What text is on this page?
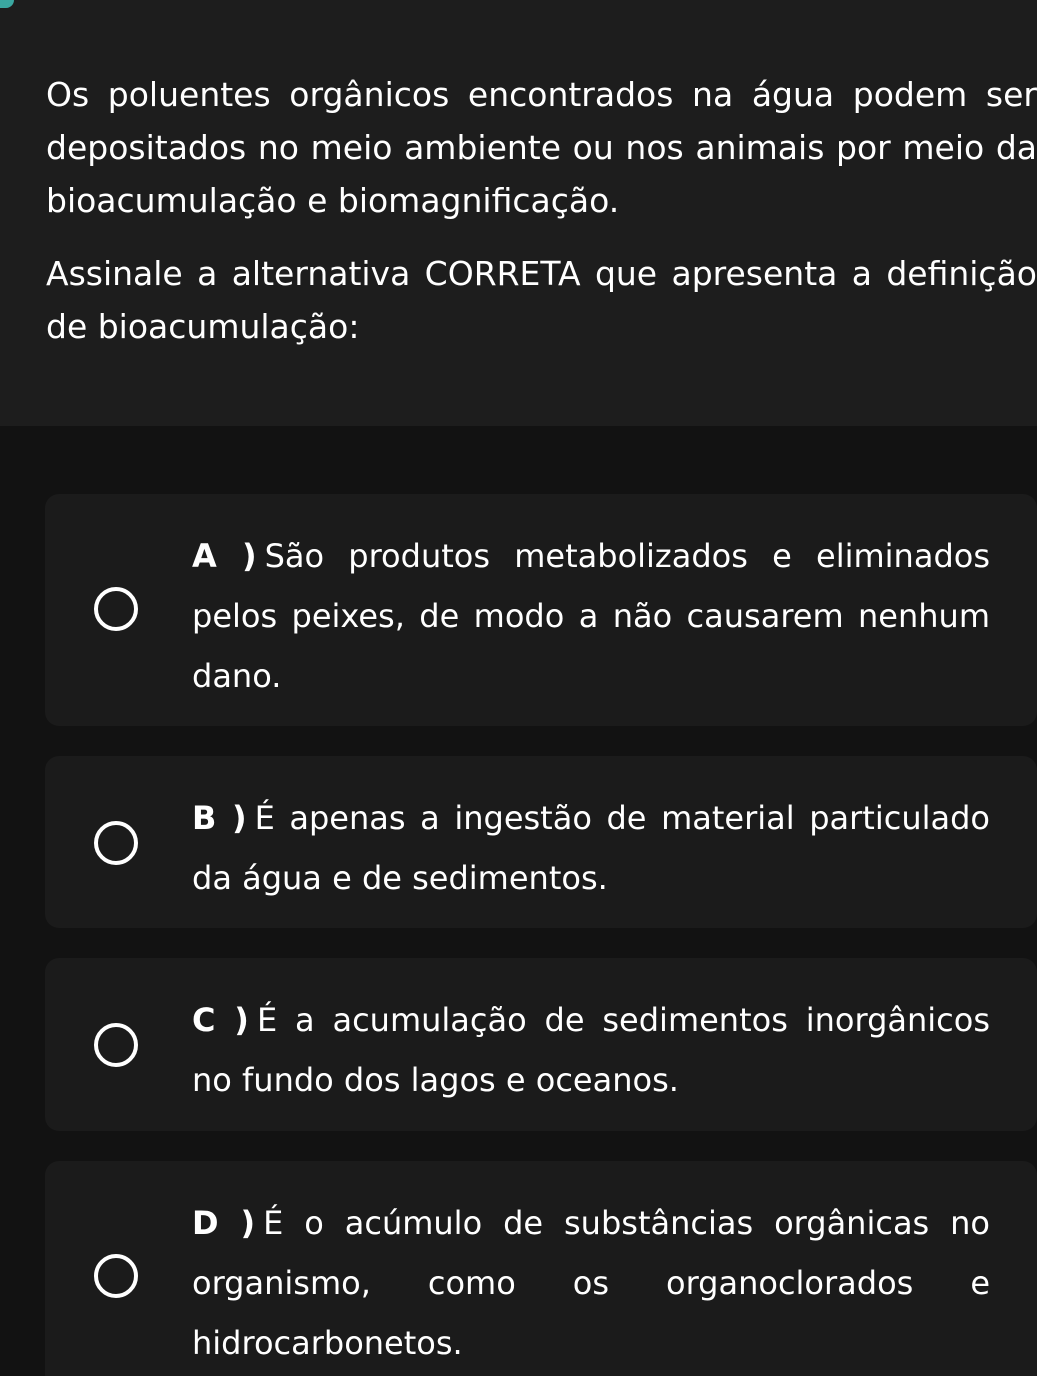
Os poluentes orgânicos encontrados na água podem ser depositados no meio ambiente ou nos animais por meio da bioacumulação e biomagnificação.

Assinale a alternativa CORRETA que apresenta a definição de bioacumulação:

A ) São produtos metabolizados e eliminados pelos peixes, de modo a não causarem nenhum dano.

B ) É apenas a ingestão de material particulado da água e de sedimentos.

C ) É a acumulação de sedimentos inorgânicos no fundo dos lagos e oceanos.

D ) É o acúmulo de substâncias orgânicas no organismo, como os organoclorados e hidrocarbonetos.
